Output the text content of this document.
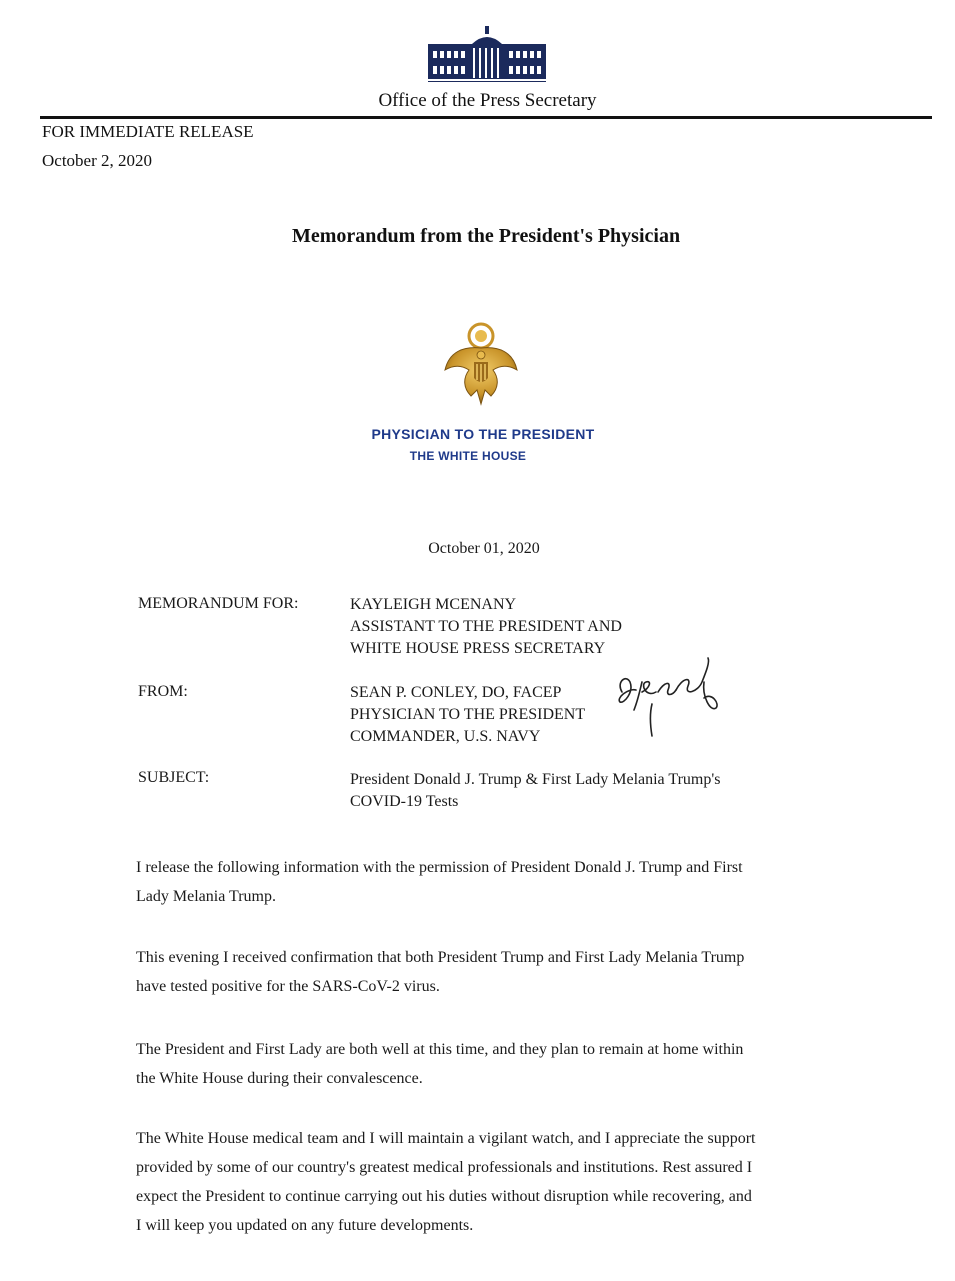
Office of the Press Secretary
FOR IMMEDIATE RELEASE
October 2, 2020
Memorandum from the President's Physician
PHYSICIAN TO THE PRESIDENT
THE WHITE HOUSE
October 01, 2020
MEMORANDUM FOR:	KAYLEIGH MCENANY
ASSISTANT TO THE PRESIDENT AND
WHITE HOUSE PRESS SECRETARY
FROM:	SEAN P. CONLEY, DO, FACEP
PHYSICIAN TO THE PRESIDENT
COMMANDER, U.S. NAVY
SUBJECT:	President Donald J. Trump & First Lady Melania Trump's
COVID-19 Tests

I release the following information with the permission of President Donald J. Trump and First
Lady Melania Trump.

This evening I received confirmation that both President Trump and First Lady Melania Trump
have tested positive for the SARS-CoV-2 virus.

The President and First Lady are both well at this time, and they plan to remain at home within
the White House during their convalescence.

The White House medical team and I will maintain a vigilant watch, and I appreciate the support
provided by some of our country's greatest medical professionals and institutions. Rest assured I
expect the President to continue carrying out his duties without disruption while recovering, and
I will keep you updated on any future developments.
